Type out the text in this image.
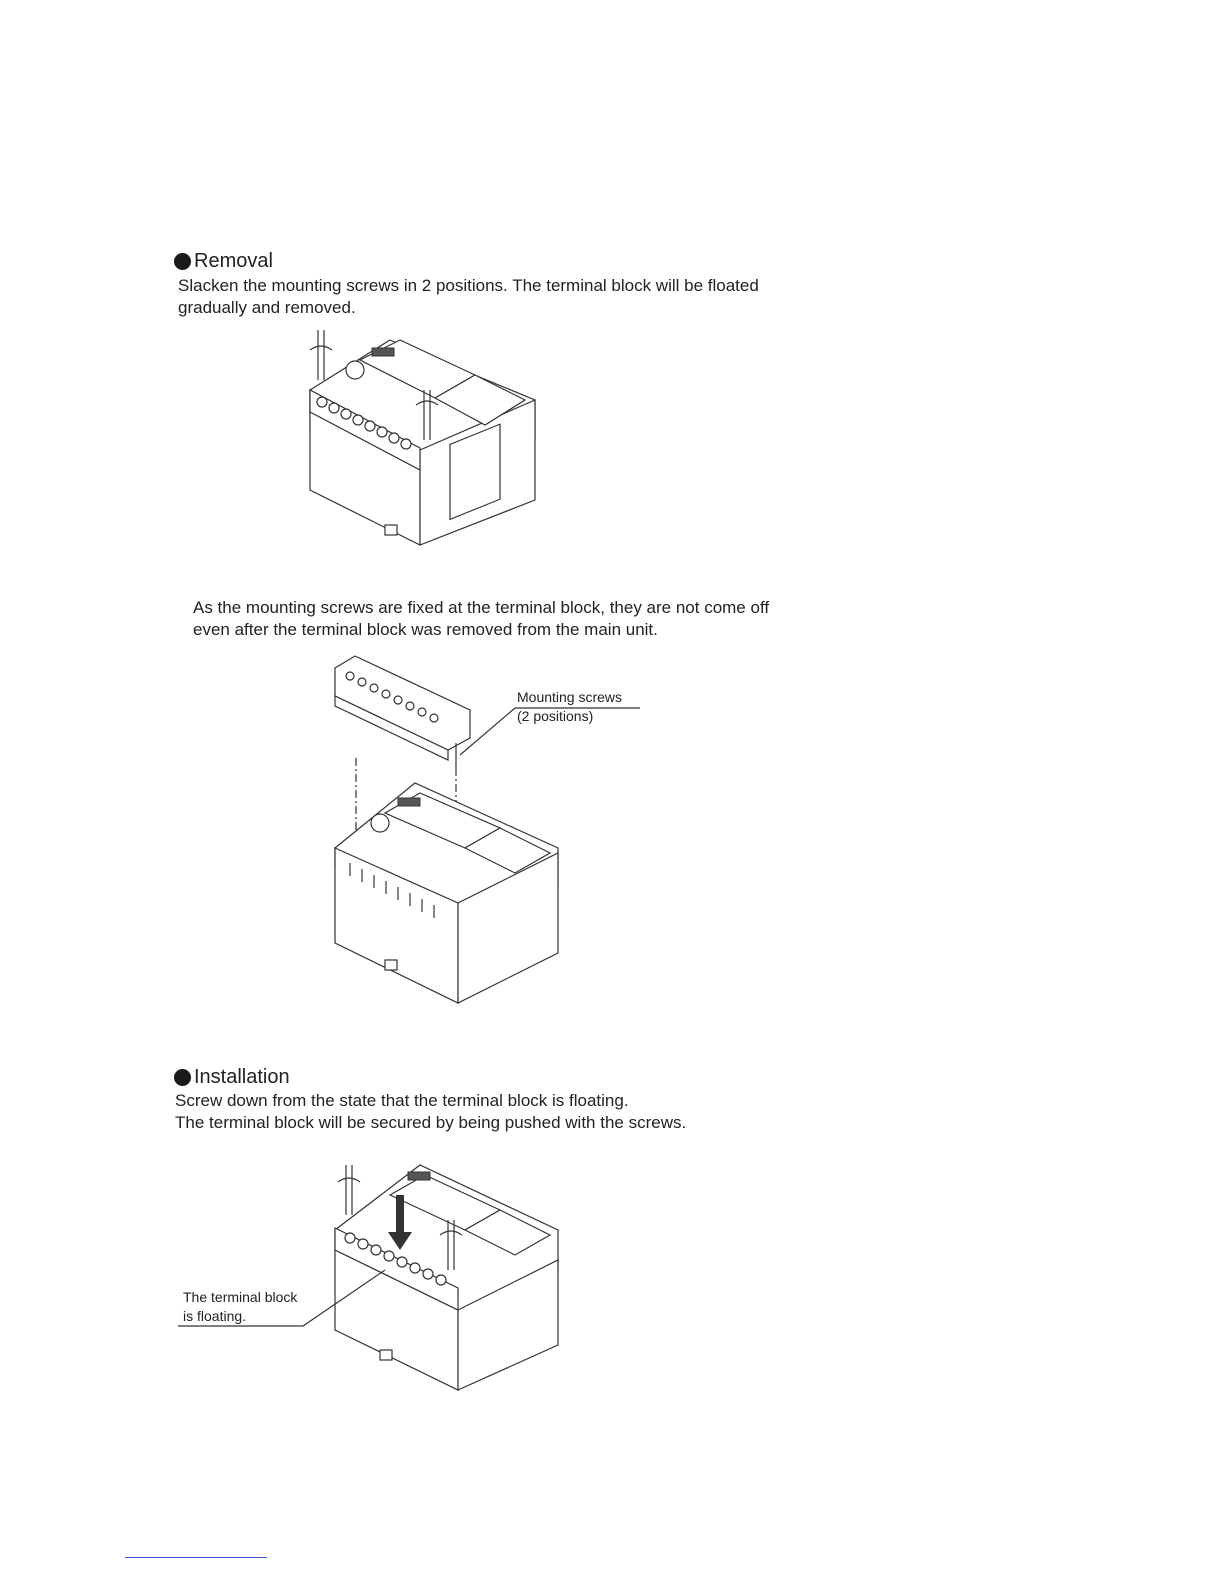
Removal
Slacken the mounting screws in 2 positions. The terminal block will be floated
gradually and removed.
As the mounting screws are fixed at the terminal block, they are not come off
even after the terminal block was removed from the main unit.
Mounting screws
(2 positions)
Installation
Screw down from the state that the terminal block is floating.
The terminal block will be secured by being pushed with the screws.
The terminal block
is floating.
